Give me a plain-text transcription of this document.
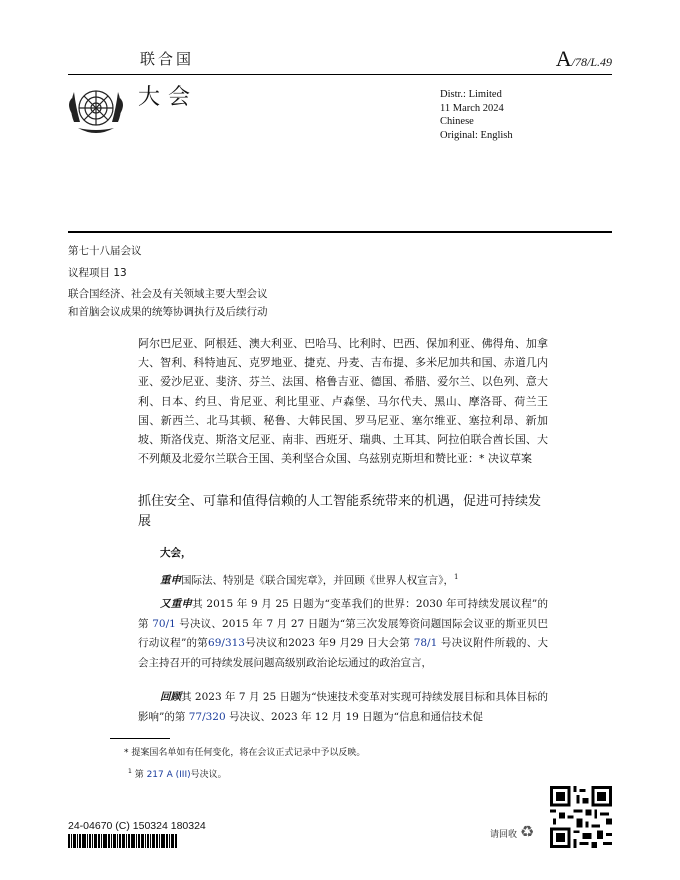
联合国	A/78/L.49
大会	Distr.: Limited
11 March 2024
Chinese
Original: English
第七十八届会议
议程项目 13
联合国经济、社会及有关领域主要大型会议
和首脑会议成果的统筹协调执行及后续行动
阿尔巴尼亚、阿根廷、澳大利亚、巴哈马、比利时、巴西、保加利亚、佛得角、加拿大、智利、科特迪瓦、克罗地亚、捷克、丹麦、吉布提、多米尼加共和国、赤道几内亚、爱沙尼亚、斐济、芬兰、法国、格鲁吉亚、德国、希腊、爱尔兰、以色列、意大利、日本、约旦、肯尼亚、利比里亚、卢森堡、马尔代夫、黑山、摩洛哥、荷兰王国、新西兰、北马其顿、秘鲁、大韩民国、罗马尼亚、塞尔维亚、塞拉利昂、新加坡、斯洛伐克、斯洛文尼亚、南非、西班牙、瑞典、土耳其、阿拉伯联合酋长国、大不列颠及北爱尔兰联合王国、美利坚合众国、乌兹别克斯坦和赞比亚：* 决议草案
抓住安全、可靠和值得信赖的人工智能系统带来的机遇，促进可持续发展
大会，
重申国际法、特别是《联合国宪章》，并回顾《世界人权宣言》，$^1$
又重申其 2015 年 9 月 25 日题为“变革我们的世界：2030 年可持续发展议程”的第 70/1 号决议、2015 年 7 月 27 日题为“第三次发展筹资问题国际会议亚的斯亚贝巴行动议程”的第69/313号决议和2023 年9 月29 日大会第 78/1 号决议附件所载的、大会主持召开的可持续发展问题高级别政治论坛通过的政治宣言，
回顾其 2023 年 7 月 25 日题为“快速技术变革对实现可持续发展目标和具体目标的影响”的第 77/320 号决议、2023 年 12 月 19 日题为“信息和通信技术促
* 提案国名单如有任何变化，将在会议正式记录中予以反映。
$^1$ 第 217 A (III)号决议。
24-04670 (C) 150324 180324
请回收 ♻
